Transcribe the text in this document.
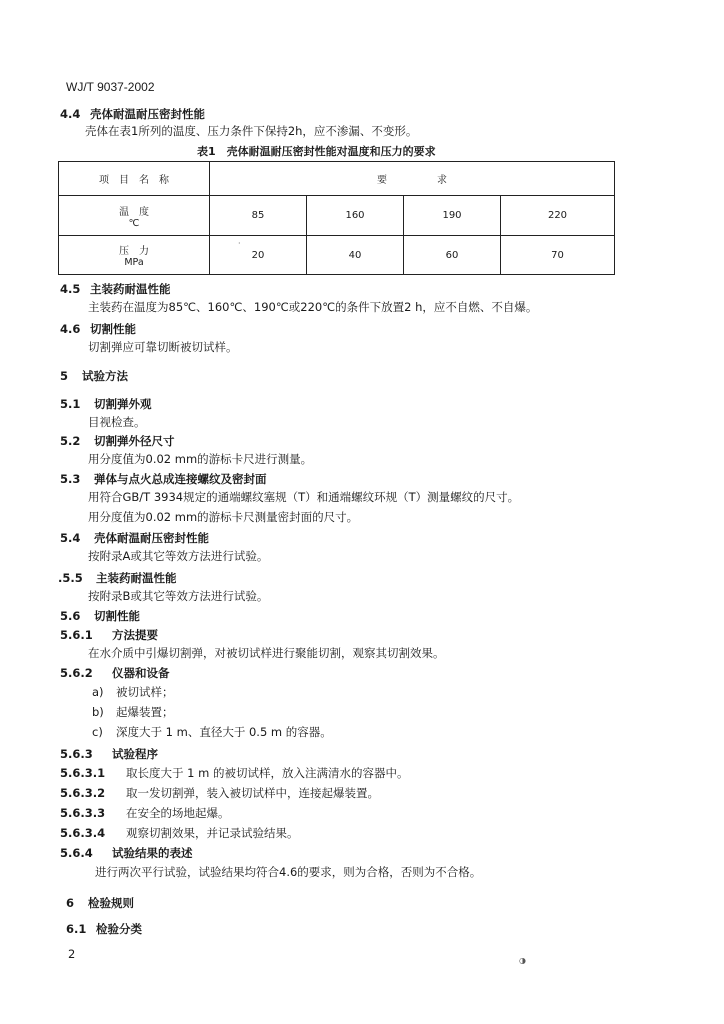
WJ/T 9037-2002
4.4 壳体耐温耐压密封性能
壳体在表1所列的温度、压力条件下保持2h，应不渗漏、不变形。
表1　壳体耐温耐压密封性能对温度和压力的要求
项　目　名　称	要　　　　　求			
温　度
℃	85	160	190	220
压　力
MPa	20	40	60	70
4.5 主装药耐温性能
主装药在温度为85℃、160℃、190℃或220℃的条件下放置2 h，应不自燃、不自爆。
4.6 切割性能
切割弹应可靠切断被切试样。
5 试验方法
5.1 切割弹外观
目视检查。
5.2 切割弹外径尺寸
用分度值为0.02 mm的游标卡尺进行测量。
5.3 弹体与点火总成连接螺纹及密封面
用符合GB/T 3934规定的通端螺纹塞规（T）和通端螺纹环规（T）测量螺纹的尺寸。
用分度值为0.02 mm的游标卡尺测量密封面的尺寸。
5.4 壳体耐温耐压密封性能
按附录A或其它等效方法进行试验。
.5.5 主装药耐温性能
按附录B或其它等效方法进行试验。
5.6 切割性能
5.6.1 方法提要
在水介质中引爆切割弹，对被切试样进行聚能切割，观察其切割效果。
5.6.2 仪器和设备
a) 被切试样；
b) 起爆装置；
c) 深度大于 1 m、直径大于 0.5 m 的容器。
5.6.3 试验程序
5.6.3.1 取长度大于 1 m 的被切试样，放入注满清水的容器中。
5.6.3.2 取一发切割弹，装入被切试样中，连接起爆装置。
5.6.3.3 在安全的场地起爆。
5.6.3.4 观察切割效果，并记录试验结果。
5.6.4 试验结果的表述
进行两次平行试验，试验结果均符合4.6的要求，则为合格，否则为不合格。
6 检验规则
6.1 检验分类
2	◑
·
